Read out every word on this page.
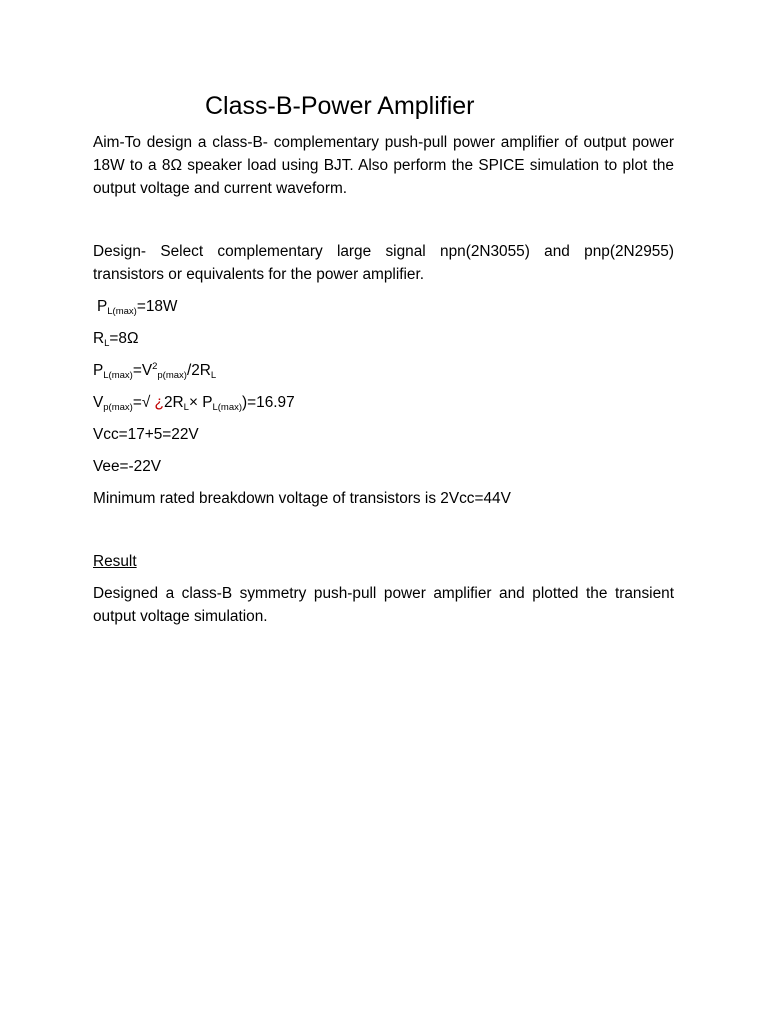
Class-B-Power Amplifier

Aim-To design a class-B- complementary push-pull power amplifier of output power 18W to a 8Ω speaker load using BJT. Also perform the SPICE simulation to plot the output voltage and current waveform.

Design- Select complementary large signal npn(2N3055) and pnp(2N2955) transistors or equivalents for the power amplifier.

$P_{L(max)}=18W$
$R_L=8\Omega$
$P_{L(max)}=V^2_{p(max)}/2R_L$
$V_{p(max)}=√$ ¿$2R_L\times P_{L(max)})=16.97$
Vcc=17+5=22V
Vee=-22V
Minimum rated breakdown voltage of transistors is 2Vcc=44V
Result

Designed a class-B symmetry push-pull power amplifier and plotted the transient output voltage simulation.
